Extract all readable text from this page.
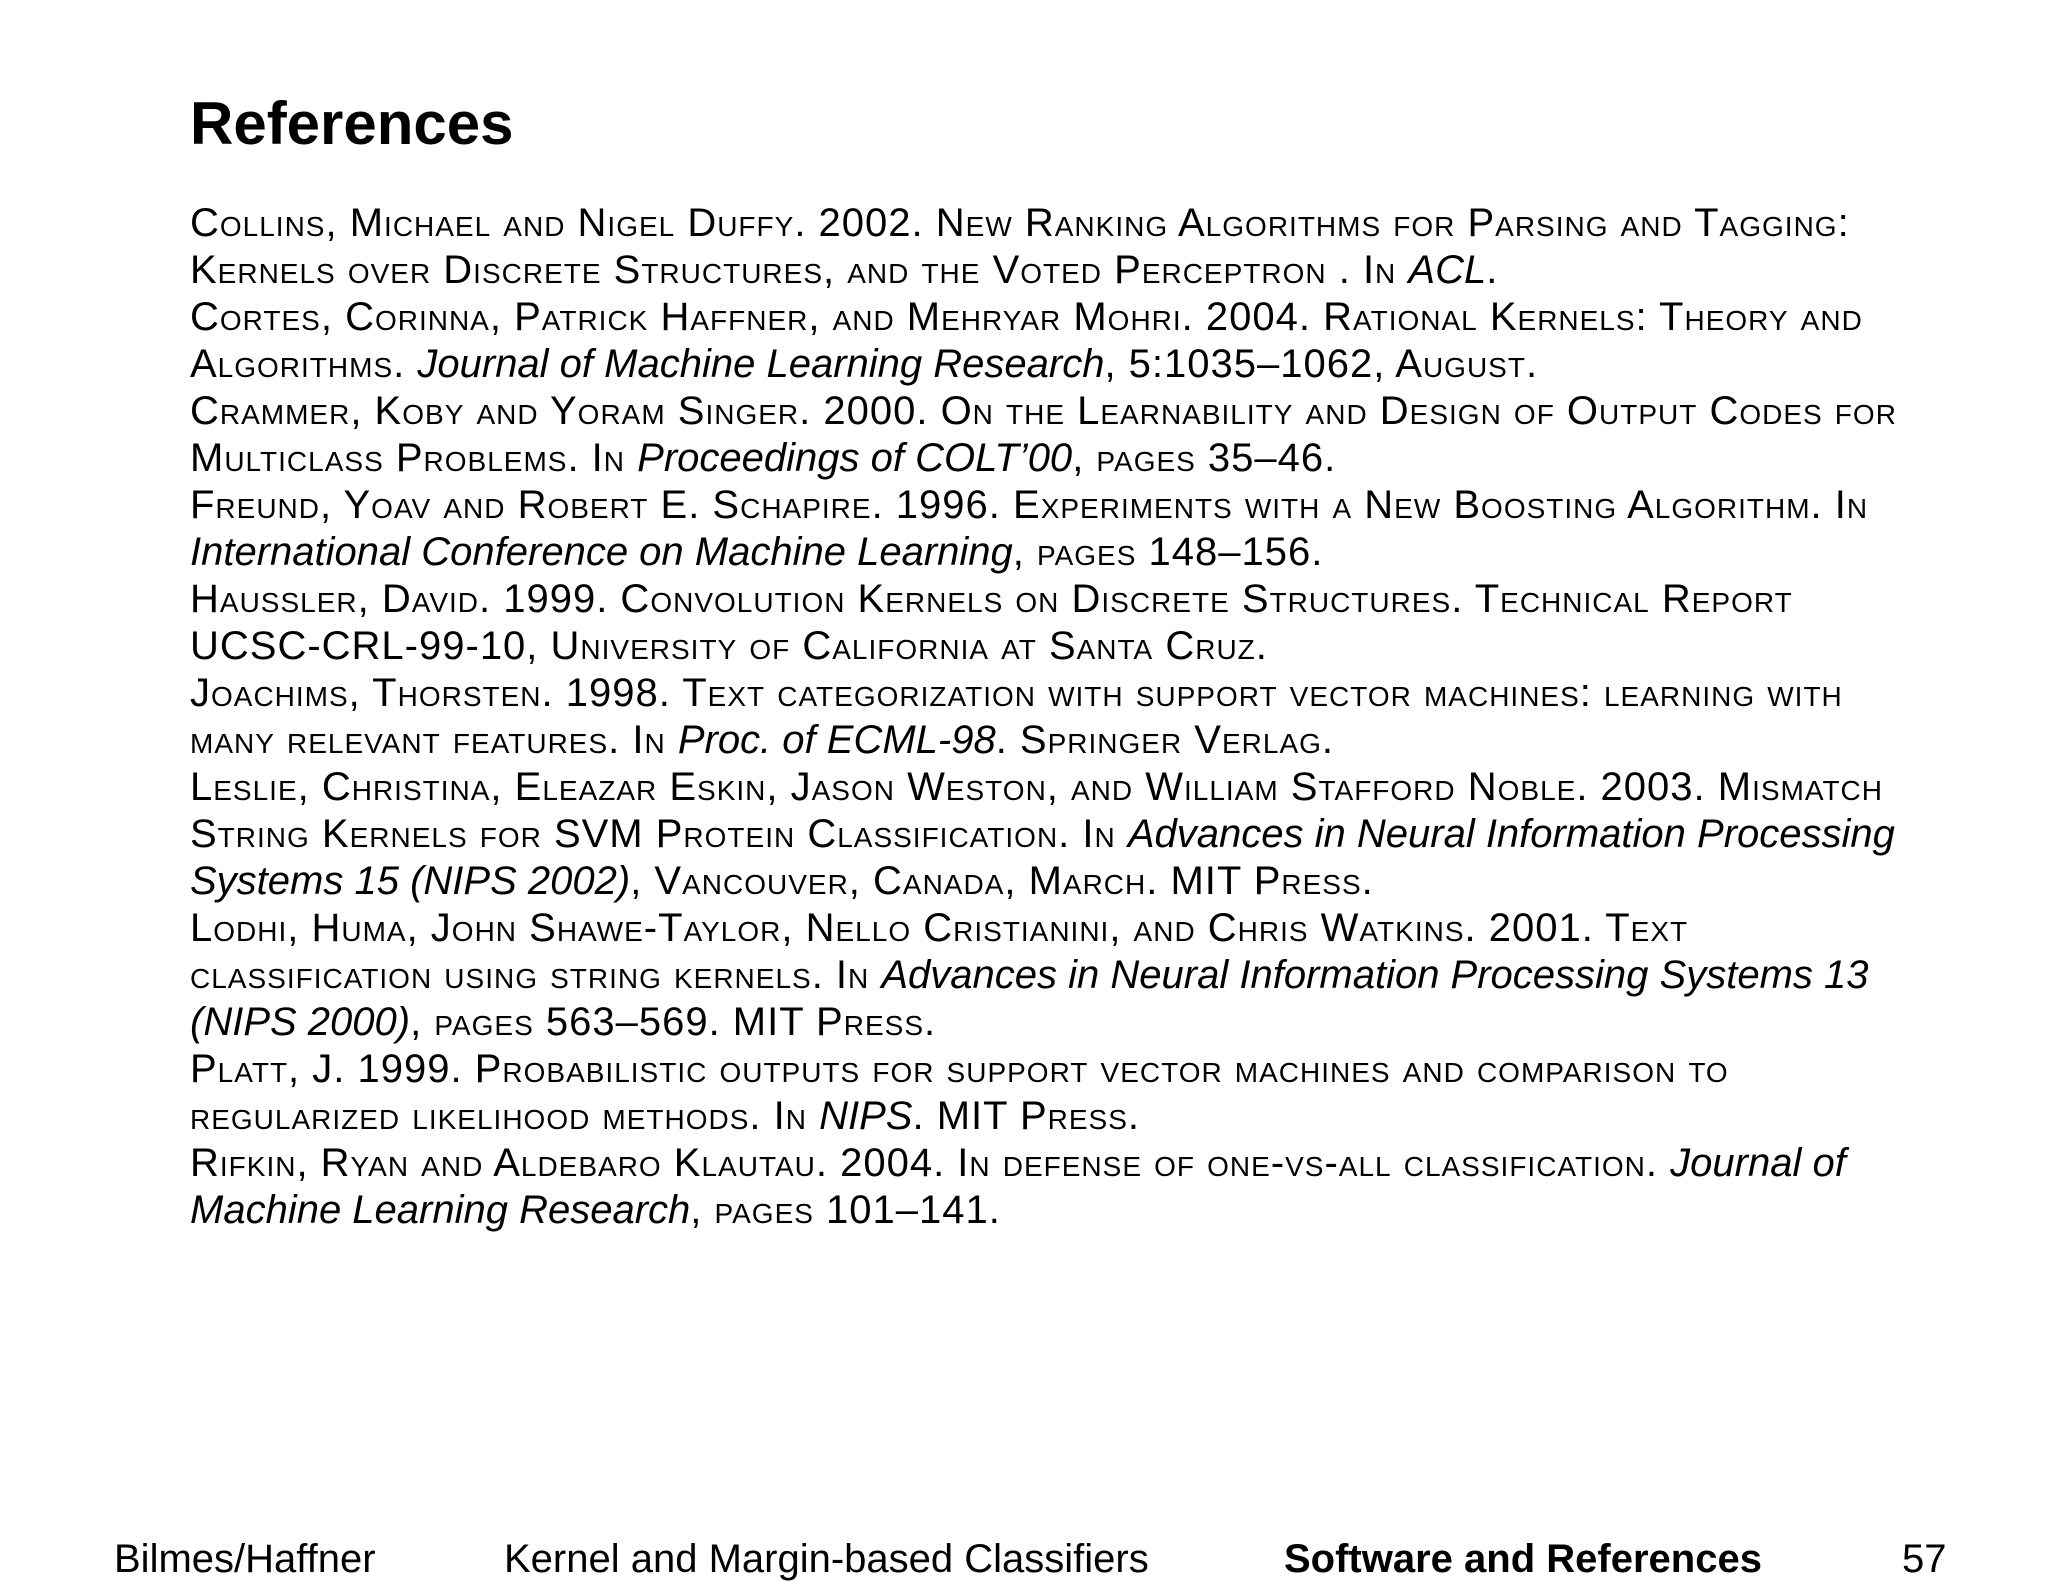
References

Collins, Michael and Nigel Duffy. 2002. New Ranking Algorithms for Parsing and Tagging: Kernels over Discrete Structures, and the Voted Perceptron . In ACL.

Cortes, Corinna, Patrick Haffner, and Mehryar Mohri. 2004. Rational Kernels: Theory and Algorithms. Journal of Machine Learning Research, 5:1035–1062, August.

Crammer, Koby and Yoram Singer. 2000. On the Learnability and Design of Output Codes for Multiclass Problems. In Proceedings of COLT’00, pages 35–46.

Freund, Yoav and Robert E. Schapire. 1996. Experiments with a New Boosting Algorithm. In International Conference on Machine Learning, pages 148–156.

Haussler, David. 1999. Convolution Kernels on Discrete Structures. Technical Report UCSC-CRL-99-10, University of California at Santa Cruz.

Joachims, Thorsten. 1998. Text categorization with support vector machines: learning with many relevant features. In Proc. of ECML-98. Springer Verlag.

Leslie, Christina, Eleazar Eskin, Jason Weston, and William Stafford Noble. 2003. Mismatch String Kernels for SVM Protein Classification. In Advances in Neural Information Processing Systems 15 (NIPS 2002), Vancouver, Canada, March. MIT Press.

Lodhi, Huma, John Shawe-Taylor, Nello Cristianini, and Chris Watkins. 2001. Text classification using string kernels. In Advances in Neural Information Processing Systems 13 (NIPS 2000), pages 563–569. MIT Press.

Platt, J. 1999. Probabilistic outputs for support vector machines and comparison to regularized likelihood methods. In NIPS. MIT Press.

Rifkin, Ryan and Aldebaro Klautau. 2004. In defense of one-vs-all classification. Journal of Machine Learning Research, pages 101–141.

Bilmes/Haffner	Kernel and Margin-based Classifiers	Software and References	57
